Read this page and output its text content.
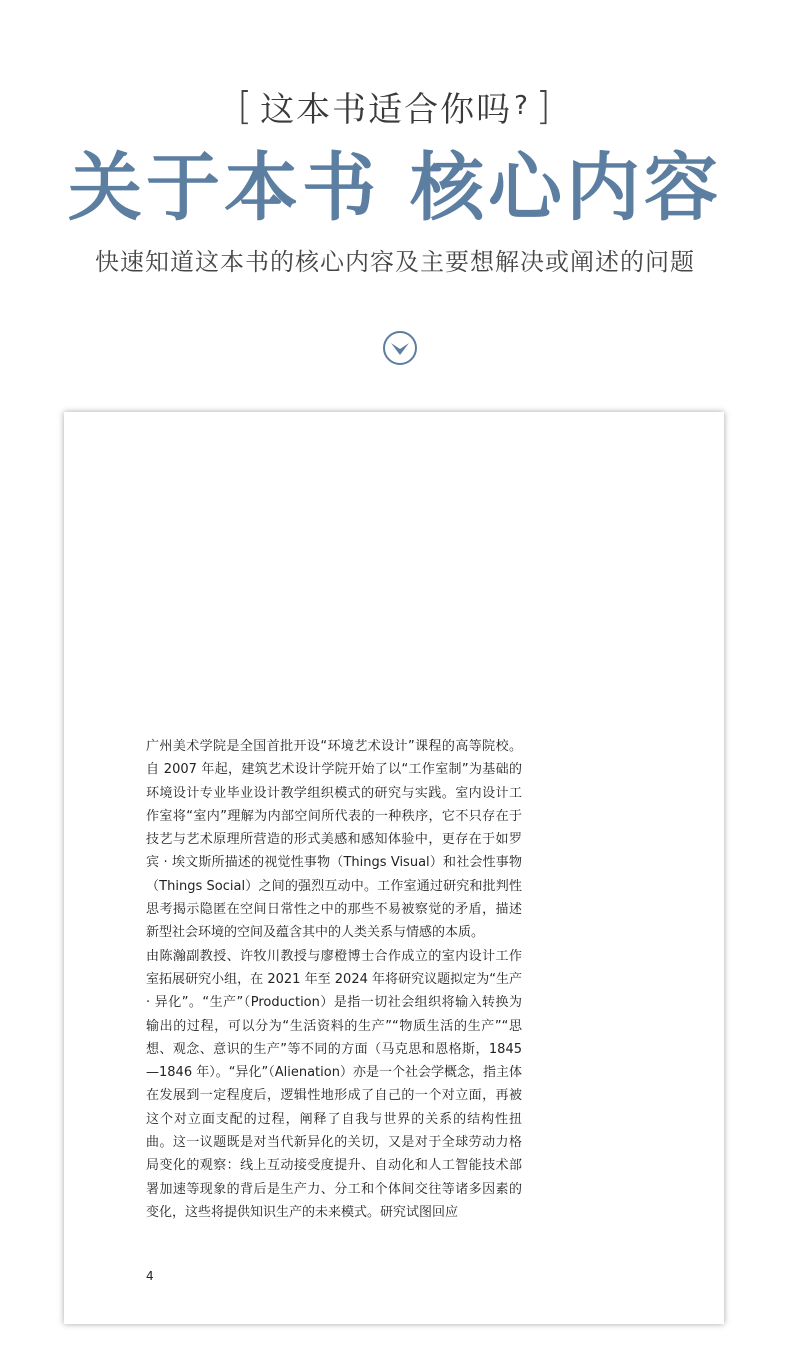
[ 这本书适合你吗 ? ]
关于本书 核心内容
快速知道这本书的核心内容及主要想解决或阐述的问题

广州美术学院是全国首批开设“环境艺术设计”课程的高等院校。自 2007 年起，建筑艺术设计学院开始了以“工作室制”为基础的环境设计专业毕业设计教学组织模式的研究与实践。室内设计工作室将“室内”理解为内部空间所代表的一种秩序，它不只存在于技艺与艺术原理所营造的形式美感和感知体验中，更存在于如罗宾 · 埃文斯所描述的视觉性事物（Things Visual）和社会性事物（Things Social）之间的强烈互动中。工作室通过研究和批判性思考揭示隐匿在空间日常性之中的那些不易被察觉的矛盾，描述新型社会环境的空间及蕴含其中的人类关系与情感的本质。

由陈瀚副教授、许牧川教授与廖橙博士合作成立的室内设计工作室拓展研究小组，在 2021 年至 2024 年将研究议题拟定为“生产 · 异化”。“生产”（Production）是指一切社会组织将输入转换为输出的过程，可以分为“生活资料的生产”“物质生活的生产”“思想、观念、意识的生产”等不同的方面（马克思和恩格斯，1845—1846 年）。“异化”（Alienation）亦是一个社会学概念，指主体在发展到一定程度后，逻辑性地形成了自己的一个对立面，再被这个对立面支配的过程，阐释了自我与世界的关系的结构性扭曲。这一议题既是对当代新异化的关切，又是对于全球劳动力格局变化的观察：线上互动接受度提升、自动化和人工智能技术部署加速等现象的背后是生产力、分工和个体间交往等诸多因素的变化，这些将提供知识生产的未来模式。研究试图回应

4
